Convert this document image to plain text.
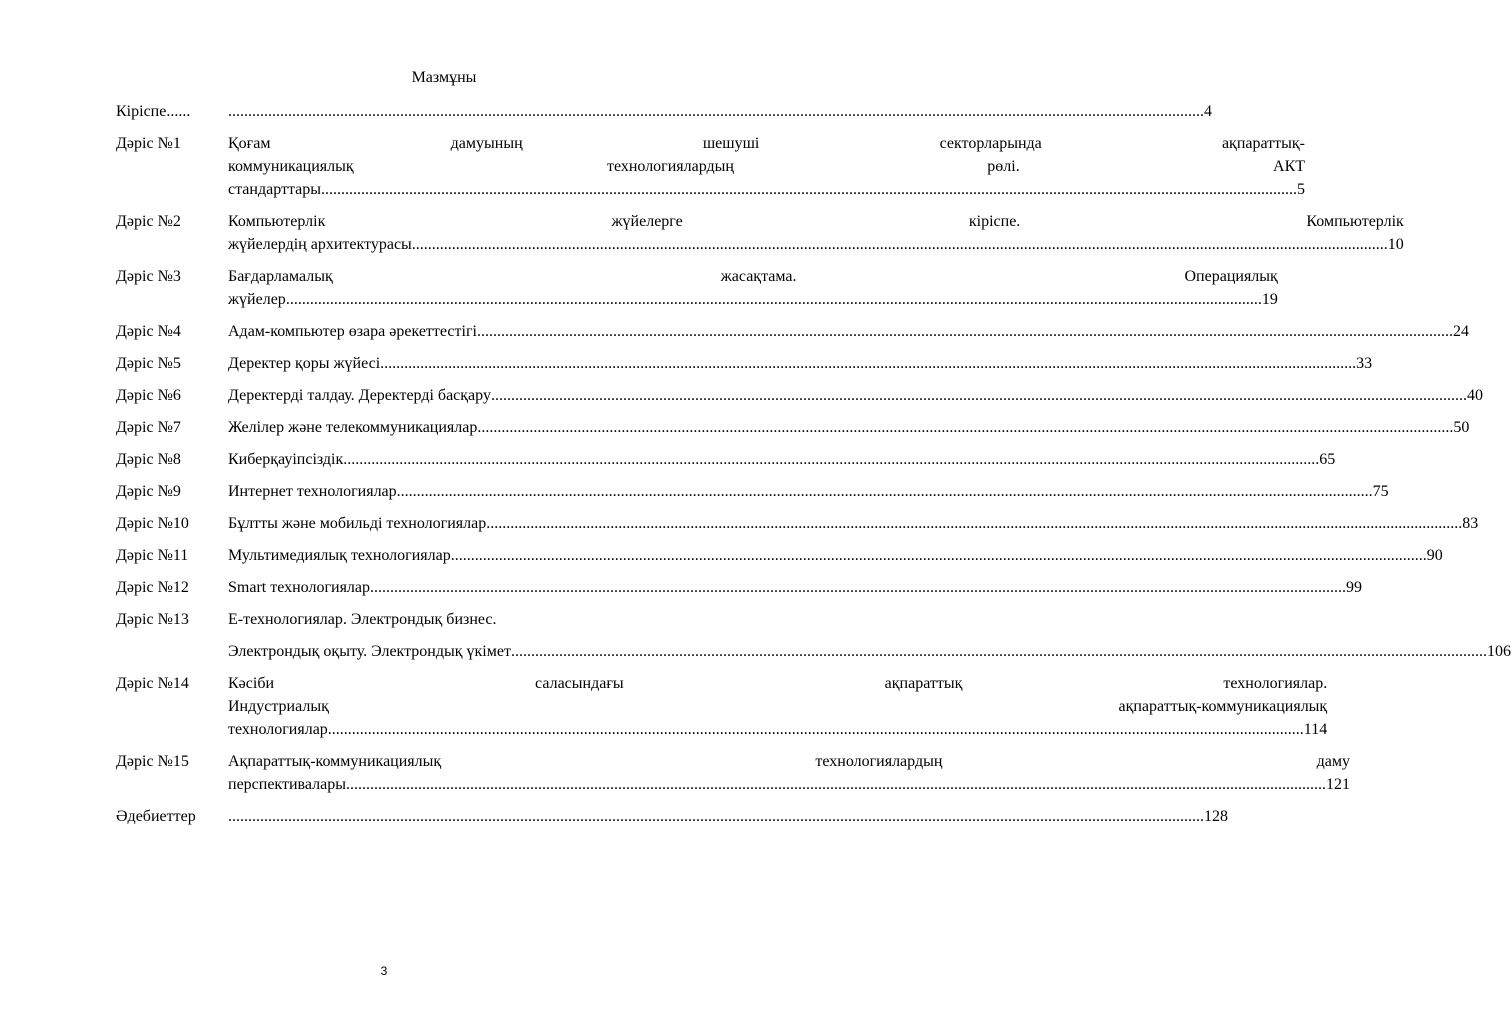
Мазмұны
Кіріспе...... .....	4
Дәріс №1	Қоғам дамуының шешуші секторларында ақпараттық-
коммуникациялық технологиялардың рөлі. АКТ
стандарттары .....	5
Дәріс №2	Компьютерлік жүйелерге кіріспе. Компьютерлік
жүйелердің архитектурасы .....	10
Дәріс №3	Бағдарламалық жасақтама. Операциялық
жүйелер .....	19
Дәріс №4	Адам-компьютер өзара әрекеттестігі .....	24
Дәріс №5	Деректер қоры жүйесі .....	33
Дәріс №6	Деректерді талдау. Деректерді басқару .....	40
Дәріс №7	Желілер және телекоммуникациялар .....	50
Дәріс №8	Киберқауіпсіздік .....	65
Дәріс №9	Интернет технологиялар .....	75
Дәріс №10	Бұлтты және мобильді технологиялар .....	83
Дәріс №11	Мультимедиялық технологиялар .....	90
Дәріс №12	Smart технологиялар .....	99
Дәріс №13	Е-технологиялар. Электрондық бизнес.
Электрондық оқыту. Электрондық үкімет .....	106
Дәріс №14	Кәсіби саласындағы ақпараттық технологиялар.
Индустриалық ақпараттық-коммуникациялық
технологиялар .....	114
Дәріс №15	Ақпараттық-коммуникациялық технологиялардың даму
перспективалары. .....	121
Әдебиеттер .....	128
3
